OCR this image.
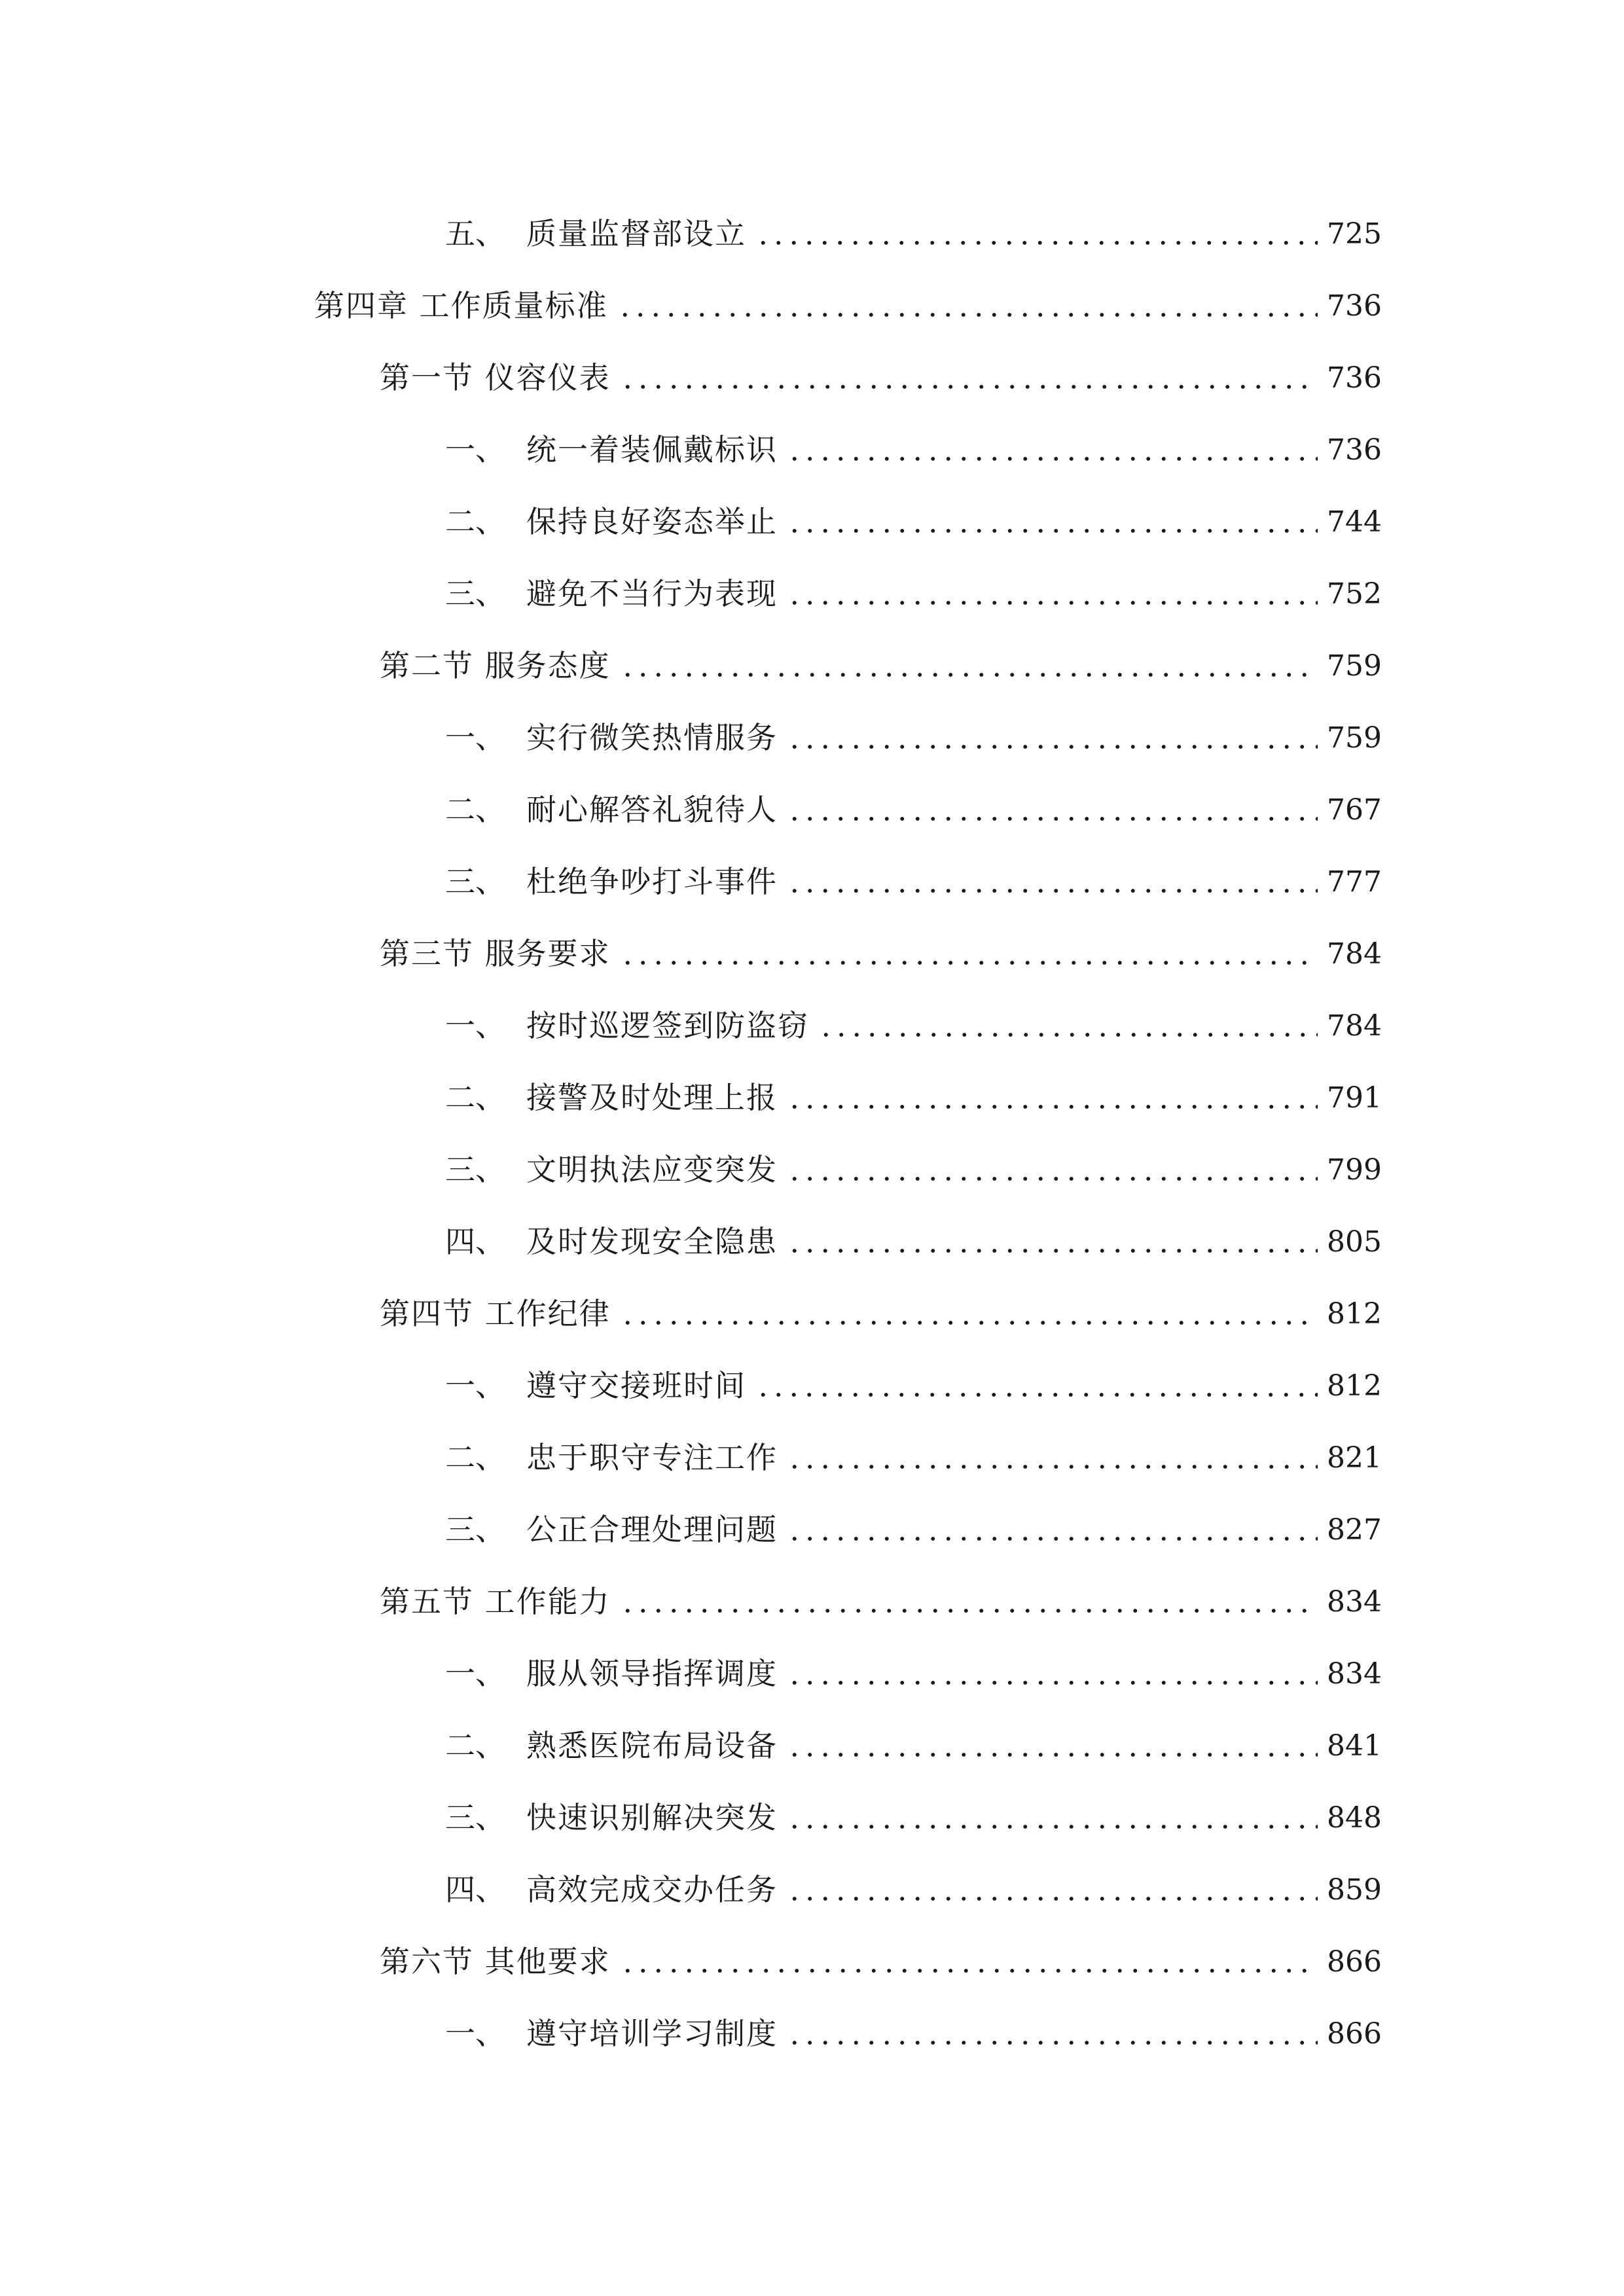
五、 质量监督部设立	725
第四章 工作质量标准	736
第一节 仪容仪表	736
一、 统一着装佩戴标识	736
二、 保持良好姿态举止	744
三、 避免不当行为表现	752
第二节 服务态度	759
一、 实行微笑热情服务	759
二、 耐心解答礼貌待人	767
三、 杜绝争吵打斗事件	777
第三节 服务要求	784
一、 按时巡逻签到防盗窃	784
二、 接警及时处理上报	791
三、 文明执法应变突发	799
四、 及时发现安全隐患	805
第四节 工作纪律	812
一、 遵守交接班时间	812
二、 忠于职守专注工作	821
三、 公正合理处理问题	827
第五节 工作能力	834
一、 服从领导指挥调度	834
二、 熟悉医院布局设备	841
三、 快速识别解决突发	848
四、 高效完成交办任务	859
第六节 其他要求	866
一、 遵守培训学习制度	866
